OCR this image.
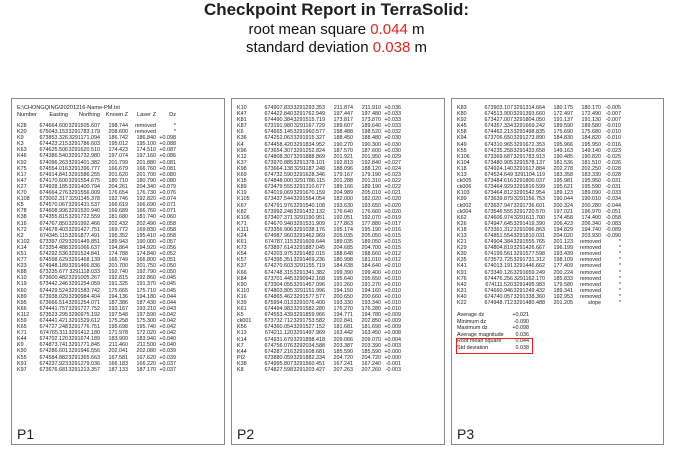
Checkpoint Report in TerraSolid:
root mean square 0.044 m
standard deviation 0.038 m
E:\CHONGQING\20201216-Name-PM.txt
Number	Easting	Northing	Known Z	Laser Z	Dz
K28	674664.600 3291505.607	198.744	removed	*
K20	675043.153 3291783.179	208.600	removed	*
K9	673853.326 3291171.094	186.742	186.840 +0.098
K3	674423.215 3291786.603	195.012	195.100 +0.088
K63	674625.506 3291620.510	174.423	174.510 +0.087
K46	674386.540 3291732.980	197.074	197.160 +0.086
K92	674096.263 3291401.382	201.799	201.880 +0.081
K75	674554.016 3291396.777	166.679	166.760 +0.081
K17	674914.841 3291586.255	201.620	201.700 +0.080
K47	674170.600 3291554.675	180.710	180.790 +0.080
K27	674928.185 3291400.794	204.261	204.340 +0.079
K70	674664.276 3291556.009	176.654	176.730 +0.076
K108	673002.317 3291145.378	192.746	192.820 +0.074
K5	674570.067 3291431.537	166.619	166.690 +0.071
K78	674608.996 3291520.940	166.689	166.760 +0.071
K38	674355.815 3291722.559	181.680	181.740 +0.060
K16	674767.850 3291992.466	202.432	202.490 +0.058
K72	674678.403 3291427.751	169.772	169.830 +0.058
K2	674345.115 3291877.491	195.352	195.410 +0.058
K102	673397.029 3291449.851	189.943	190.000 +0.057
K14	673354.488 3291066.637	194.864	194.920 +0.056
K51	674292.536 3291524.841	174.788	174.840 +0.052
K77	674598.629 3291468.139	166.749	166.800 +0.051
K23	674948.189 3291466.836	201.700	201.750 +0.050
K88	673235.677 3291118.033	192.740	192.790 +0.050
K10	673600.482 3291005.267	192.815	192.860 +0.045
K19	673442.246 3291254.059	191.325	191.370 +0.045
K60	674429.524 3291583.742	175.665	175.710 +0.045
K89	673938.029 3290984.404	194.136	194.180 +0.044
K95	673666.514 3291254.071	187.386	187.430 +0.044
K66	674441.757 3291727.752	193.167	193.210 +0.043
K112	673523.295 3290975.192	197.548	197.590 +0.042
K59	674441.421 3291529.612	175.258	175.300 +0.042
K65	674727.248 3291776.751	195.698	195.740 +0.042
K71	674765.311 3291412.180	171.978	172.020 +0.042
K44	674702.120 3291674.189	183.900	183.940 +0.040
K9	674873.741 3291771.845	211.460	211.500 +0.040
K90	674286.601 3291946.556	202.041	202.080 +0.039
K55	674584.882 3291365.663	167.581	167.620 +0.039
K91	674237.923 3291279.036	166.183	166.220 +0.037
K97	673676.681 3291213.357	187.133	187.170 +0.037
P1
K10	674907.833 3291293.353	211.874	211.910 +0.036
K47	674422.840 3291762.949	197.447	197.480 +0.033
K81	674490.384 3291515.719	173.817	173.870 +0.033
K87	673191.980 3291167.729	189.607	189.640 +0.033
K6	674665.145 3291960.577	198.488	198.520 +0.032
K36	674252.063 3291915.327	188.450	188.480 +0.030
K4	674458.420 3291834.952	190.270	190.300 +0.030
K96	673654.307 3291252.824	187.570	187.600 +0.030
K12	674808.307 3291888.869	201.921	201.950 +0.029
K37	673970.885 3291378.101	192.813	192.840 +0.027
K98	673664.138 3291187.248	188.096	188.120 +0.024
K69	674732.590 3291628.346	179.167	179.190 +0.023
K15	674848.000 3291786.115	201.288	201.310 +0.022
K89	673479.555 3291310.677	189.166	189.190 +0.022
K19	674019.069 3291670.159	204.989	205.010 +0.021
K105	673437.544 3291564.054	182.000	182.020 +0.020
K67	674791.976 3291540.108	193.630	193.650 +0.020
K82	673992.248 3291432.132	176.640	176.660 +0.020
K106	673407.371 3291190.951	192.051	192.070 +0.019
K71	674670.940 3291531.909	177.863	177.880 +0.017
K111	673356.906 3291038.176	195.174	195.190 +0.016
K24	674987.960 3291462.969	205.035	205.050 +0.015
K61	674787.115 3291609.644	189.035	189.050 +0.015
K73	673897.614 3291887.045	204.685	204.700 +0.015
K54	674203.975 3291482.015	188.648	188.660 +0.012
K57	674395.351 3291469.236	180.998	181.010 +0.012
K37	674270.603 3291155.719	184.638	184.640 +0.010
K66	674748.315 3291341.382	199.390	199.400 +0.010
K84	673701.445 3290942.168	195.640	195.650 +0.010
K90	673304.055 3291457.096	191.260	191.270 +0.010
K110	674803.805 3291151.996	194.150	194.160 +0.010
K16	674865.462 3291577.577	200.650	200.660 +0.010
K39	675994.013 3291076.400	193.330	193.340 +0.010
K61	674494.983 3291582.280	176.270	176.280 +0.010
K5	674553.439 3291859.966	194.771	194.780 +0.009
ck001	673732.712 3291753.582	202.841	202.850 +0.009
K56	674360.054 3291527.152	181.681	181.690 +0.009
K13	674211.120 3291497.969	163.442	163.450 +0.008
K14	674931.679 3291898.418	209.066	209.070 +0.004
K7	674756.076 3292034.588	203.387	203.390 +0.003
K44	674287.216 3291608.681	185.590	185.590 +0.000
PI2	673880.059 3291882.334	204.720	204.720 +0.000
K38	674995.807 3291560.451	167.241	167.240 -0.001
K8	674827.598 3291203.427	207.263	207.260 -0.003
P2
K83	673903.107 3291314.664	180.175	180.170 -0.005
K80	674513.900 3291393.660	172.497	172.490 -0.007
K92	673427.007 3291804.050	191.137	191.130 -0.007
K45	674357.334 3291669.242	189.590	189.580 -0.010
K58	674462.213 3291498.835	175.690	175.680 -0.010
K94	673706.650 3291273.890	184.830	184.820 -0.010
K49	674310.965 3291672.353	195.966	195.950 -0.016
K55	674235.258 3291433.658	149.163	149.140 -0.023
K106	673369.687 3291783.913	190.485	190.820 -0.025
K104	673480.905 3291578.137	181.536	181.510 -0.026
K18	674924.140 3291617.884	202.278	202.250 -0.028
K13	674524.649 3291104.119	183.358	183.330 -0.028
ck005	673484.616 3291800.037	195.981	195.950 -0.031
ck006	673464.929 3291816.599	195.621	195.590 -0.031
K103	673464.812 3291542.954	189.123	189.090 -0.033
K99	673639.879 3291156.753	190.044	190.010 -0.034
ck002	673637.947 3291736.601	200.324	200.280 -0.044
ck004	673546.555 3291720.570	197.021	196.970 -0.051
K62	674606.974 3291611.700	174.458	174.400 -0.058
K26	674947.645 3291419.390	206.423	206.340 -0.083
K18	673361.312 3291096.863	194.829	194.740 -0.089
K13	674851.554 3291810.031	204.020	203.930 -0.090
K21	674904.384 3291555.765	201.123	removed	*
K29	674804.819 3291426.667	196.199	removed	*
K30	674199.561 3291577.598	193.439	removed	*
K35	673572.725 3291731.312	198.109	removed	*
K41	674013.191 3291446.662	177.409	removed	*
K91	673340.126 3291659.249	200.224	removed	*
K76	674476.256 3291162.170	185.833	removed	*
K42	674111.520 3291495.983	179.580	removed	*
K31	674660.946 3291249.432	189.341	removed	*
K40	674740.057 3291338.360	192.953	removed	*
K22	674948.712 3291480.488	201.205	slope	*
Average dz	+0.021
Minimum dz	-0.090
Maximum dz	+0.098
Average magnitude	0.036
Root mean square	0.044
Std deviation	0.038
P3
